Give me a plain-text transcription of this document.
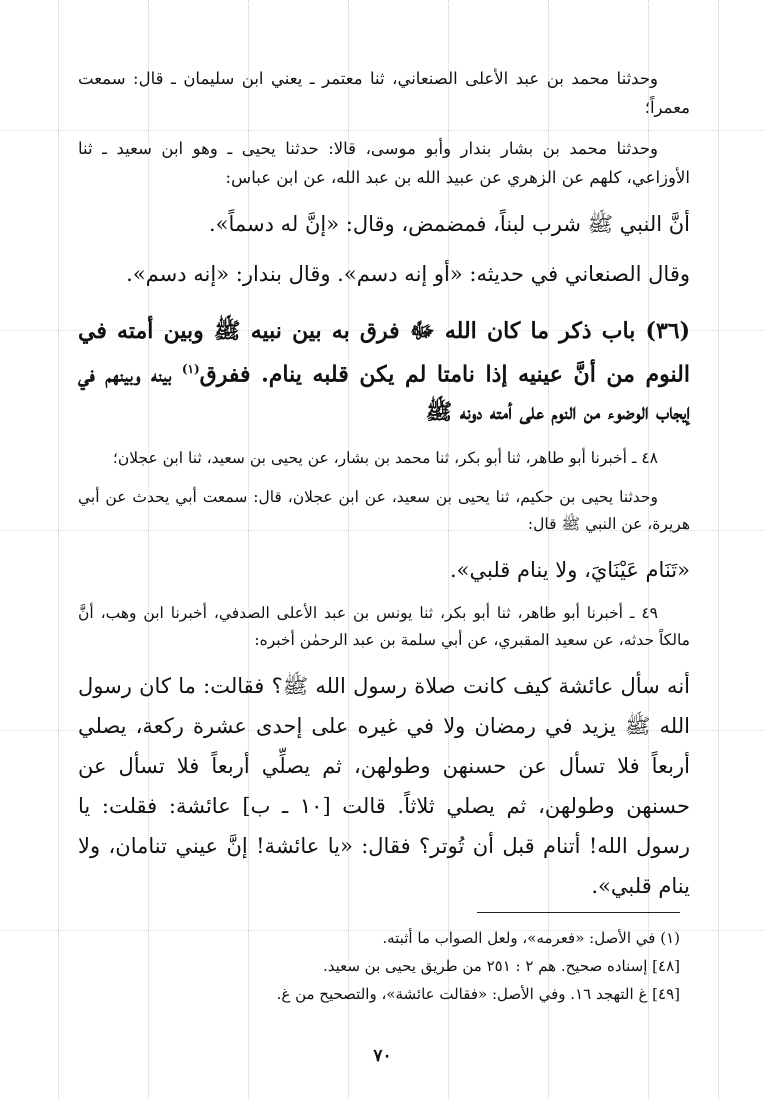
وحدثنا محمد بن عبد الأعلى الصنعاني، ثنا معتمر ـ يعني ابن سليمان ـ قال: سمعت معمراً؛

وحدثنا محمد بن بشار بندار وأبو موسى، قالا: حدثنا يحيى ـ وهو ابن سعيد ـ ثنا الأوزاعي، كلهم عن الزهري عن عبيد الله بن عبد الله، عن ابن عباس:

أنَّ النبي ﷺ شرب لبناً، فمضمض، وقال: «إنَّ له دسماً».

وقال الصنعاني في حديثه: «أو إنه دسم». وقال بندار: «إنه دسم».

(٣٦) باب ذكر ما كان الله ﷻ فرق به بين نبيه ﷺ وبين أمته في النوم من أنَّ عينيه إذا نامتا لم يكن قلبه ينام. ففرق$^{(١)}$ بينه وبينهم في إيجاب الوضوء من النوم على أمته دونه ﷺ

٤٨ ـ أخبرنا أبو طاهر، ثنا أبو بكر، ثنا محمد بن بشار، عن يحيى بن سعيد، ثنا ابن عجلان؛

وحدثنا يحيى بن حكيم، ثنا يحيى بن سعيد، عن ابن عجلان، قال: سمعت أبي يحدث عن أبي هريرة، عن النبي ﷺ قال:

«تَنَام عَيْنَايَ، ولا ينام قلبي».

٤٩ ـ أخبرنا أبو طاهر، ثنا أبو بكر، ثنا يونس بن عبد الأعلى الصدفي، أخبرنا ابن وهب، أنَّ مالكاً حدثه، عن سعيد المقبري، عن أبي سلمة بن عبد الرحمٰن أخبره:

أنه سأل عائشة كيف كانت صلاة رسول الله ﷺ؟ فقالت: ما كان رسول الله ﷺ يزيد في رمضان ولا في غيره على إحدى عشرة ركعة، يصلي أربعاً فلا تسأل عن حسنهن وطولهن، ثم يصلِّي أربعاً فلا تسأل عن حسنهن وطولهن، ثم يصلي ثلاثاً. قالت [١٠ ـ ب] عائشة: فقلت: يا رسول الله! أتنام قبل أن تُوتر؟ فقال: «يا عائشة! إنَّ عيني تنامان، ولا ينام قلبي».

(١) في الأصل: «فعرمه»، ولعل الصواب ما أثبته.

[٤٨] إسناده صحيح. هم ٢ : ٢٥١ من طريق يحيى بن سعيد.

[٤٩] غ التهجد ١٦. وفي الأصل: «فقالت عائشة»، والتصحيح من غ.

٧٠
